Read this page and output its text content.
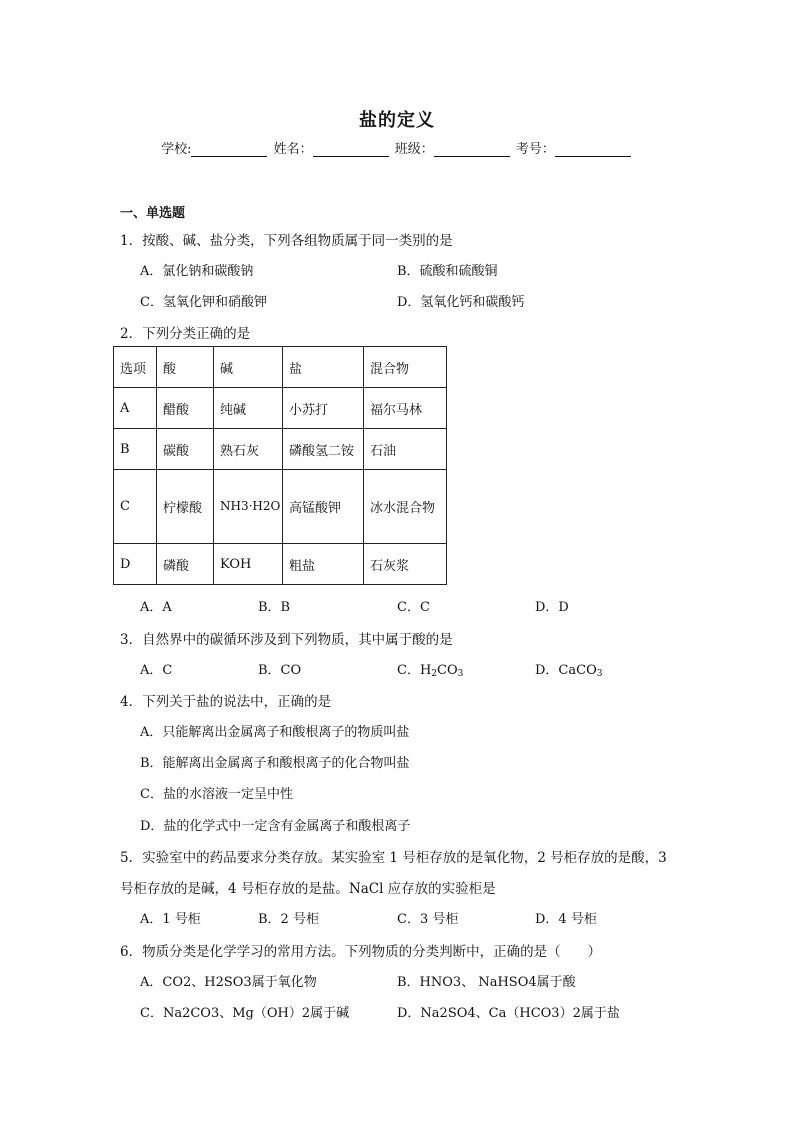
盐的定义
学校:	姓名：	班级：	考号：
一、单选题
1．按酸、碱、盐分类，下列各组物质属于同一类别的是
A．氯化钠和碳酸钠	B．硫酸和硫酸铜
C．氢氧化钾和硝酸钾	D．氢氧化钙和碳酸钙
2．下列分类正确的是
选项	酸	碱	盐	混合物
A	醋酸	纯碱	小苏打	福尔马林
B	碳酸	熟石灰	磷酸氢二铵	石油
C	柠檬酸	NH3·H2O	高锰酸钾	冰水混合物
D	磷酸	KOH	粗盐	石灰浆
A．A	B．B	C．C	D．D
3．自然界中的碳循环涉及到下列物质，其中属于酸的是
A．C	B．CO	C．$H_2CO_3$	D．CaCO$_3$
4．下列关于盐的说法中，正确的是
A．只能解离出金属离子和酸根离子的物质叫盐
B．能解离出金属离子和酸根离子的化合物叫盐
C．盐的水溶液一定呈中性
D．盐的化学式中一定含有金属离子和酸根离子
5．实验室中的药品要求分类存放。某实验室 1 号柜存放的是氧化物，2 号柜存放的是酸，3
号柜存放的是碱，4 号柜存放的是盐。NaCl 应存放的实验柜是
A．1 号柜	B．2 号柜	C．3 号柜	D．4 号柜
6．物质分类是化学学习的常用方法。下列物质的分类判断中，正确的是（　　）
A．CO2、H2SO3属于氧化物	B．HNO3、 NaHSO4属于酸
C．Na2CO3、Mg（OH）2属于碱	D．Na2SO4、Ca（HCO3）2属于盐
